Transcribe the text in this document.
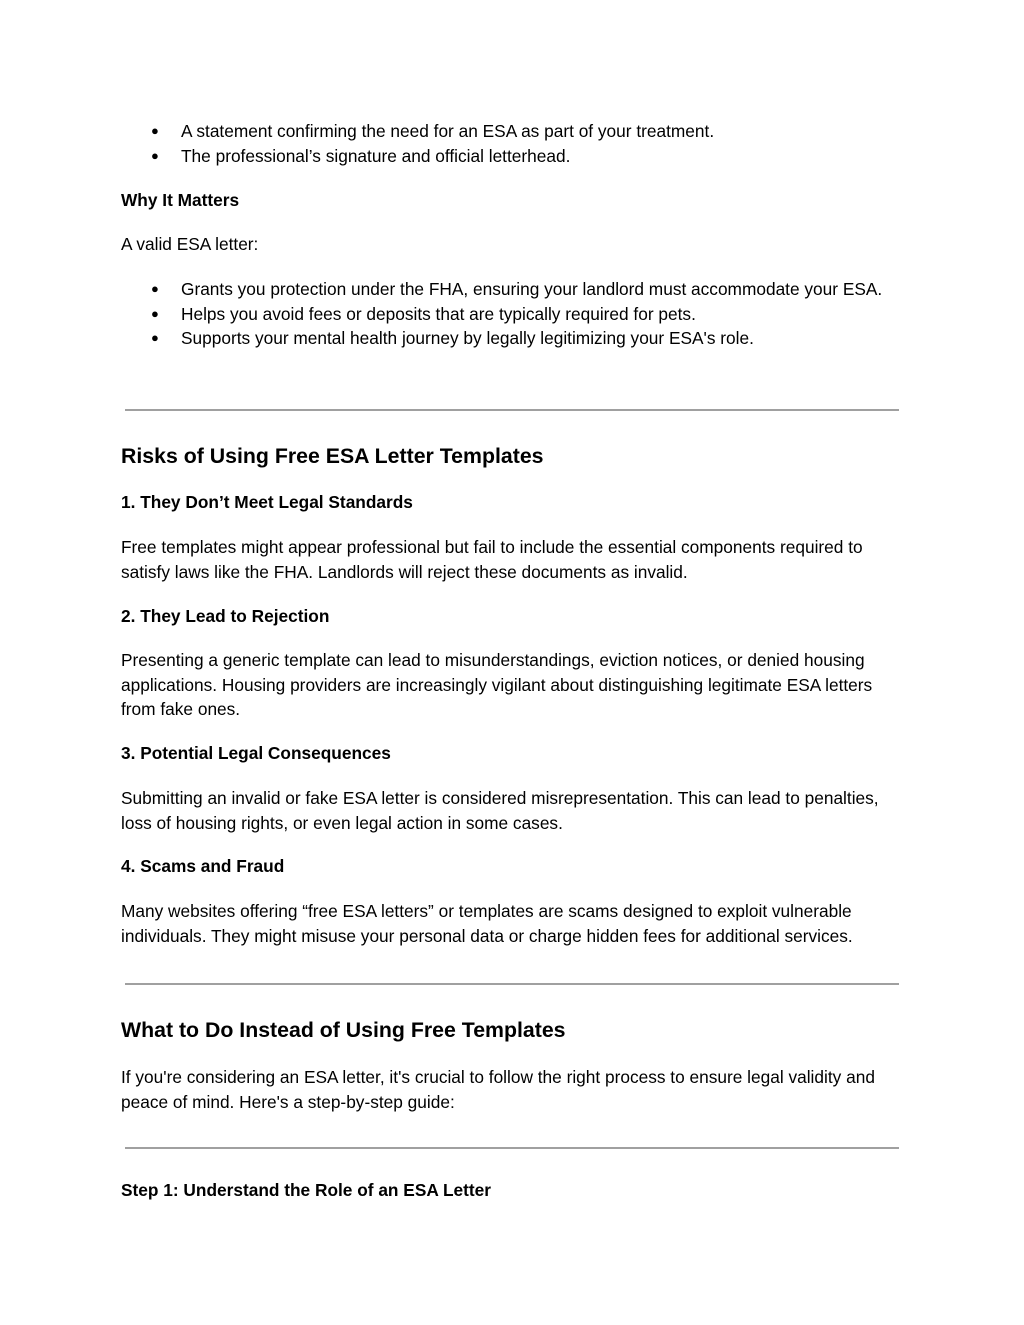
● A statement confirming the need for an ESA as part of your treatment.
● The professional’s signature and official letterhead.

Why It Matters

A valid ESA letter:

● Grants you protection under the FHA, ensuring your landlord must accommodate your ESA.
● Helps you avoid fees or deposits that are typically required for pets.
● Supports your mental health journey by legally legitimizing your ESA's role.
Risks of Using Free ESA Letter Templates

1. They Don’t Meet Legal Standards

Free templates might appear professional but fail to include the essential components required to satisfy laws like the FHA. Landlords will reject these documents as invalid.

2. They Lead to Rejection

Presenting a generic template can lead to misunderstandings, eviction notices, or denied housing applications. Housing providers are increasingly vigilant about distinguishing legitimate ESA letters from fake ones.

3. Potential Legal Consequences

Submitting an invalid or fake ESA letter is considered misrepresentation. This can lead to penalties, loss of housing rights, or even legal action in some cases.

4. Scams and Fraud

Many websites offering “free ESA letters” or templates are scams designed to exploit vulnerable individuals. They might misuse your personal data or charge hidden fees for additional services.

What to Do Instead of Using Free Templates

If you're considering an ESA letter, it's crucial to follow the right process to ensure legal validity and peace of mind. Here's a step-by-step guide:

Step 1: Understand the Role of an ESA Letter
